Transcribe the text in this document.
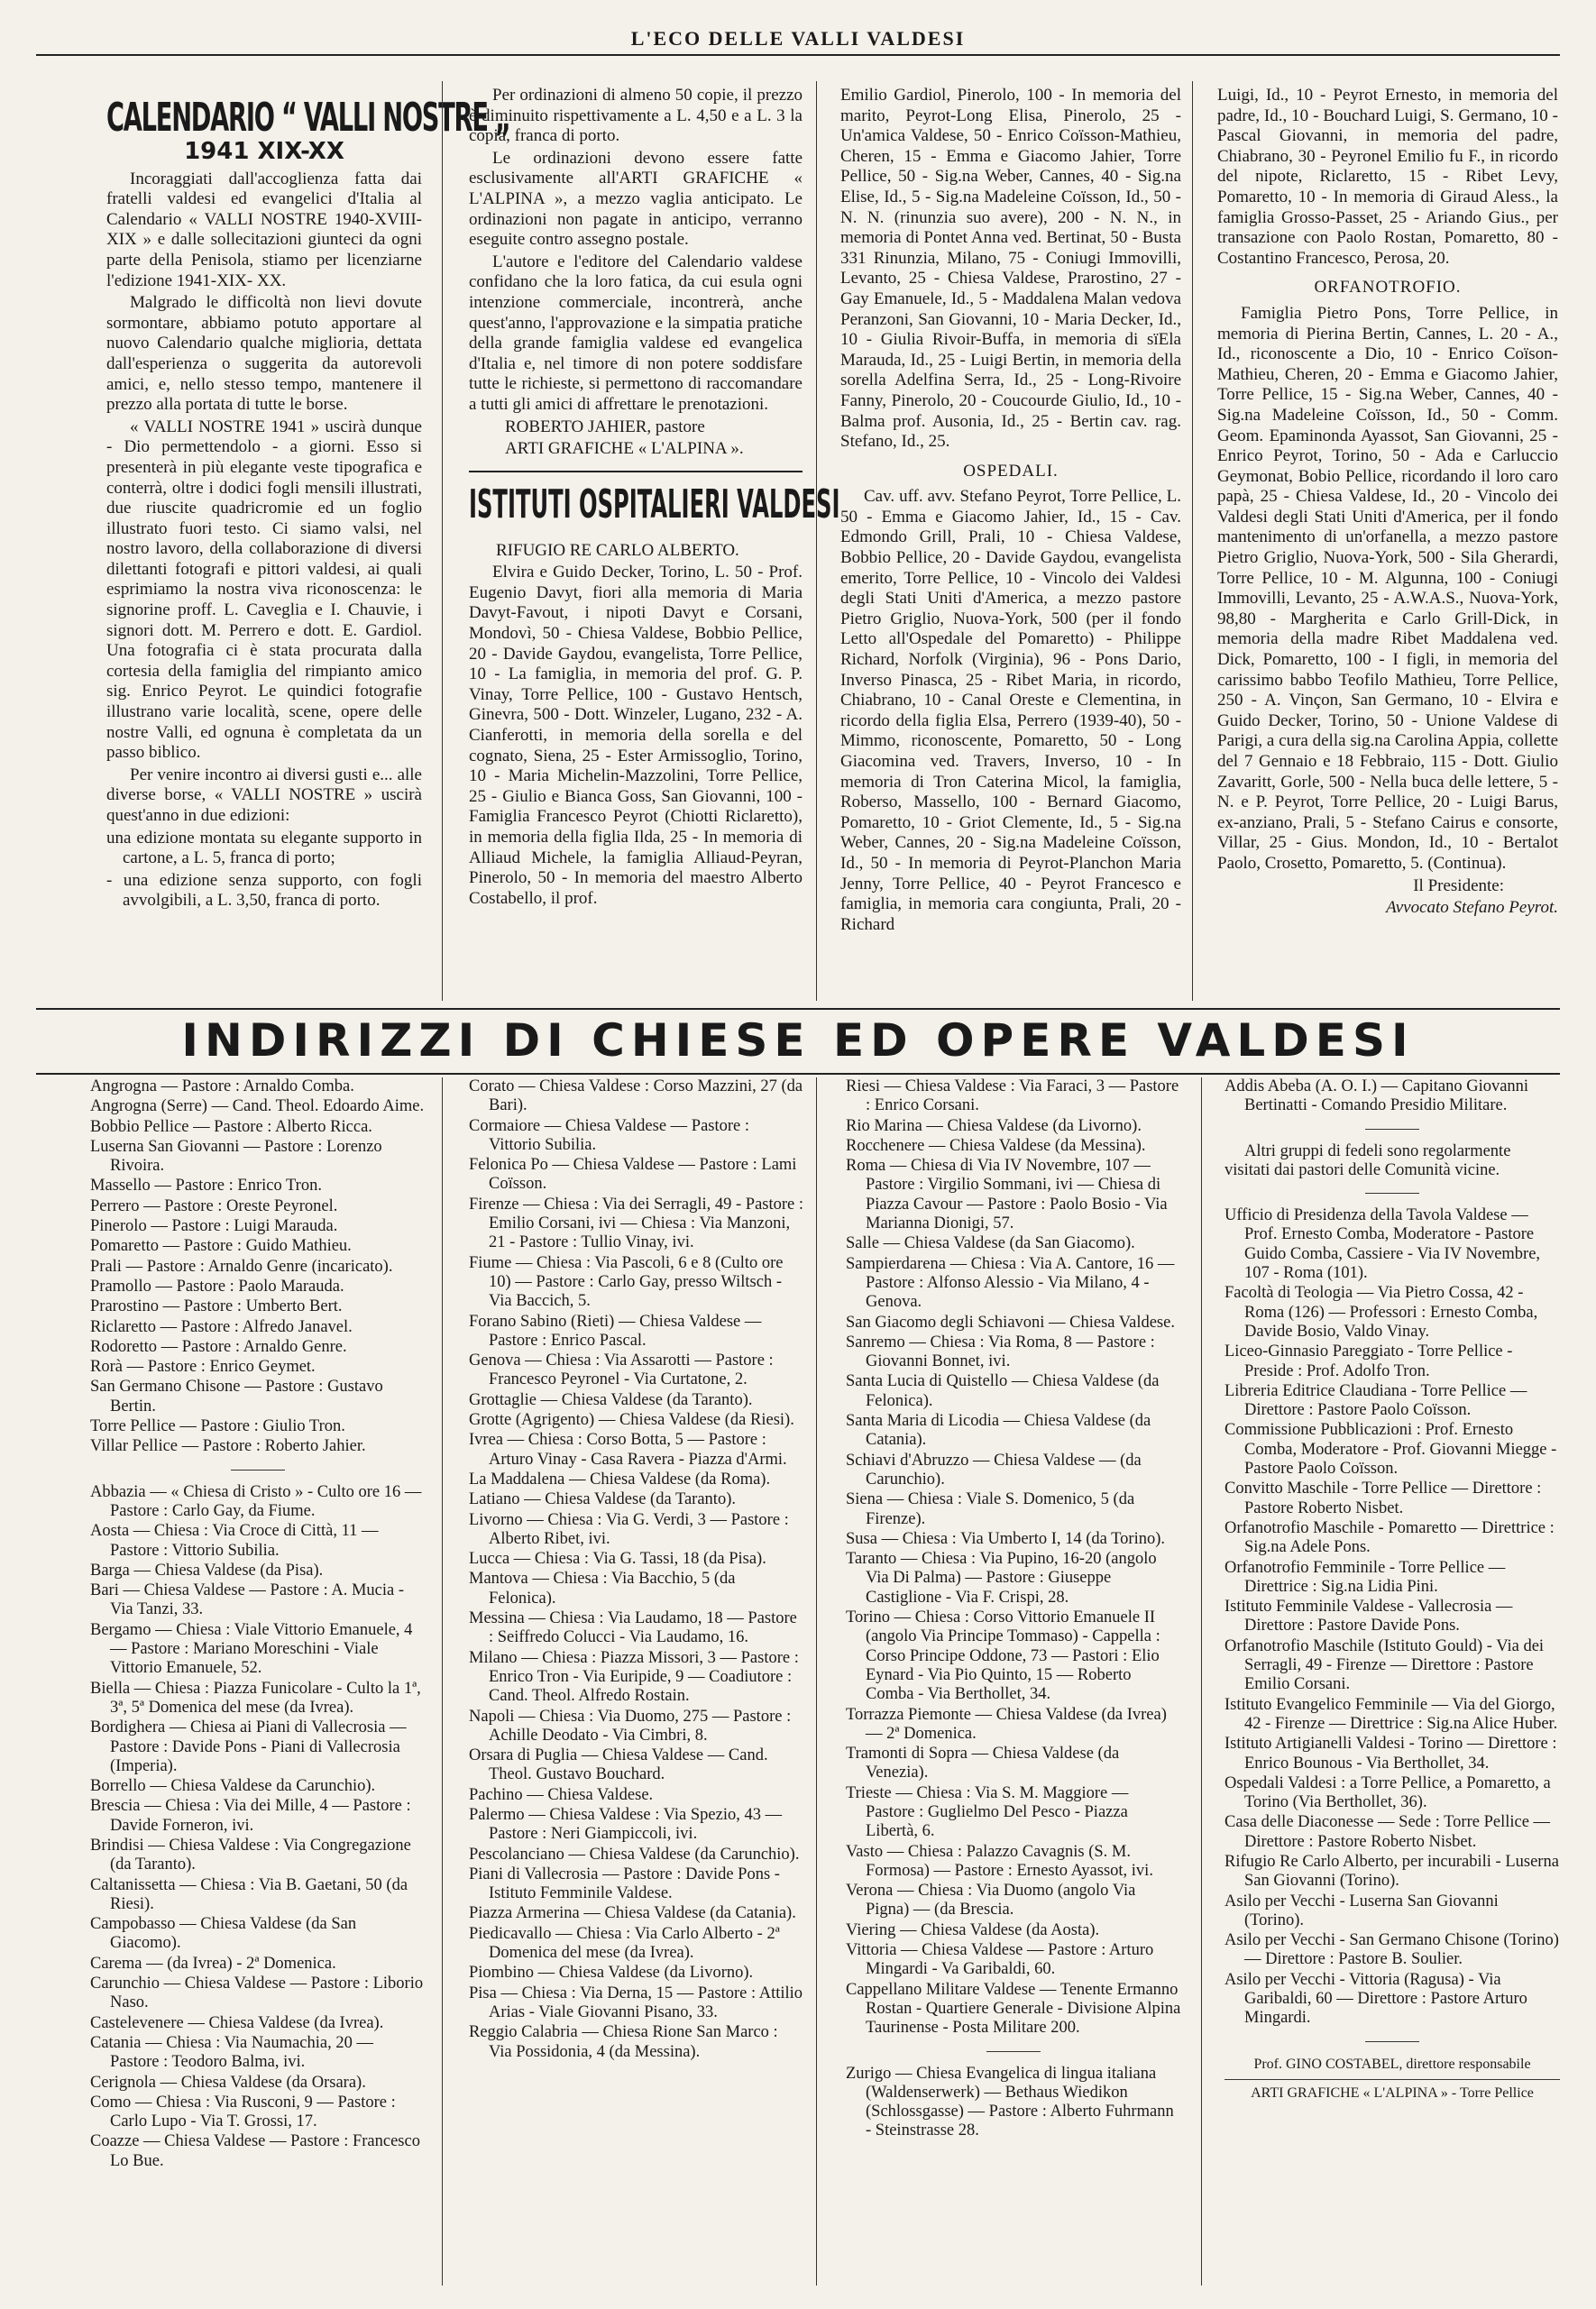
L'ECO DELLE VALLI VALDESI
CALENDARIO “ VALLI NOSTRE „
1941 XIX-XX

Incoraggiati dall'accoglienza fatta dai fratelli valdesi ed evangelici d'Italia al Calendario « VALLI NOSTRE 1940-XVIII-XIX » e dalle sollecitazioni giunteci da ogni parte della Penisola, stiamo per licenziarne l'edizione 1941-XIX- XX.

Malgrado le difficoltà non lievi dovute sormontare, abbiamo potuto apportare al nuovo Calendario qualche miglioria, dettata dall'esperienza o suggerita da autorevoli amici, e, nello stesso tempo, mantenere il prezzo alla portata di tutte le borse.

« VALLI NOSTRE 1941 » uscirà dunque - Dio permettendolo - a giorni. Esso si presenterà in più elegante veste tipografica e conterrà, oltre i dodici fogli mensili illustrati, due riuscite quadricromie ed un foglio illustrato fuori testo. Ci siamo valsi, nel nostro lavoro, della collaborazione di diversi dilettanti fotografi e pittori valdesi, ai quali esprimiamo la nostra viva riconoscenza: le signorine proff. L. Caveglia e I. Chauvie, i signori dott. M. Perrero e dott. E. Gardiol. Una fotografia ci è stata procurata dalla cortesia della famiglia del rimpianto amico sig. Enrico Peyrot. Le quindici fotografie illustrano varie località, scene, opere delle nostre Valli, ed ognuna è completata da un passo biblico.

Per venire incontro ai diversi gusti e... alle diverse borse, « VALLI NOSTRE » uscirà quest'anno in due edizioni:

una edizione montata su elegante supporto in cartone, a L. 5, franca di porto;

- una edizione senza supporto, con fogli avvolgibili, a L. 3,50, franca di porto.

Per ordinazioni di almeno 50 copie, il prezzo è diminuito rispettivamente a L. 4,50 e a L. 3 la copia, franca di porto.

Le ordinazioni devono essere fatte esclusivamente all'ARTI GRAFICHE « L'ALPINA », a mezzo vaglia anticipato. Le ordinazioni non pagate in anticipo, verranno eseguite contro assegno postale.

L'autore e l'editore del Calendario valdese confidano che la loro fatica, da cui esula ogni intenzione commerciale, incontrerà, anche quest'anno, l'approvazione e la simpatia pratiche della grande famiglia valdese ed evangelica d'Italia e, nel timore di non potere soddisfare tutte le richieste, si permettono di raccomandare a tutti gli amici di affrettare le prenotazioni.

ROBERTO JAHIER, pastore

ARTI GRAFICHE « L'ALPINA ».

ISTITUTI OSPITALIERI VALDESI

RIFUGIO RE CARLO ALBERTO.

Elvira e Guido Decker, Torino, L. 50 - Prof. Eugenio Davyt, fiori alla memoria di Maria Davyt-Favout, i nipoti Davyt e Corsani, Mondovì, 50 - Chiesa Valdese, Bobbio Pellice, 20 - Davide Gaydou, evangelista, Torre Pellice, 10 - La famiglia, in memoria del prof. G. P. Vinay, Torre Pellice, 100 - Gustavo Hentsch, Ginevra, 500 - Dott. Winzeler, Lugano, 232 - A. Cianferotti, in memoria della sorella e del cognato, Siena, 25 - Ester Armissoglio, Torino, 10 - Maria Michelin-Mazzolini, Torre Pellice, 25 - Giulio e Bianca Goss, San Giovanni, 100 - Famiglia Francesco Peyrot (Chiotti Riclaretto), in memoria della figlia Ilda, 25 - In memoria di Alliaud Michele, la famiglia Alliaud-Peyran, Pinerolo, 50 - In memoria del maestro Alberto Costabello, il prof.

Emilio Gardiol, Pinerolo, 100 - In memoria del marito, Peyrot-Long Elisa, Pinerolo, 25 - Un'amica Valdese, 50 - Enrico Coïsson-Mathieu, Cheren, 15 - Emma e Giacomo Jahier, Torre Pellice, 50 - Sig.na Weber, Cannes, 40 - Sig.na Elise, Id., 5 - Sig.na Madeleine Coïsson, Id., 50 - N. N. (rinunzia suo avere), 200 - N. N., in memoria di Pontet Anna ved. Bertinat, 50 - Busta 331 Rinunzia, Milano, 75 - Coniugi Immovilli, Levanto, 25 - Chiesa Valdese, Prarostino, 27 - Gay Emanuele, Id., 5 - Maddalena Malan vedova Peranzoni, San Giovanni, 10 - Maria Decker, Id., 10 - Giulia Rivoir-Buffa, in memoria di sïEla Marauda, Id., 25 - Luigi Bertin, in memoria della sorella Adelfina Serra, Id., 25 - Long-Rivoire Fanny, Pinerolo, 20 - Coucourde Giulio, Id., 10 - Balma prof. Ausonia, Id., 25 - Bertin cav. rag. Stefano, Id., 25.

OSPEDALI.

Cav. uff. avv. Stefano Peyrot, Torre Pellice, L. 50 - Emma e Giacomo Jahier, Id., 15 - Cav. Edmondo Grill, Prali, 10 - Chiesa Valdese, Bobbio Pellice, 20 - Davide Gaydou, evangelista emerito, Torre Pellice, 10 - Vincolo dei Valdesi degli Stati Uniti d'America, a mezzo pastore Pietro Griglio, Nuova-York, 500 (per il fondo Letto all'Ospedale del Pomaretto) - Philippe Richard, Norfolk (Virginia), 96 - Pons Dario, Inverso Pinasca, 25 - Ribet Maria, in ricordo, Chiabrano, 10 - Canal Oreste e Clementina, in ricordo della figlia Elsa, Perrero (1939-40), 50 - Mimmo, riconoscente, Pomaretto, 50 - Long Giacomina ved. Travers, Inverso, 10 - In memoria di Tron Caterina Micol, la famiglia, Roberso, Massello, 100 - Bernard Giacomo, Pomaretto, 10 - Griot Clemente, Id., 5 - Sig.na Weber, Cannes, 20 - Sig.na Madeleine Coïsson, Id., 50 - In memoria di Peyrot-Planchon Maria Jenny, Torre Pellice, 40 - Peyrot Francesco e famiglia, in memoria cara congiunta, Prali, 20 - Richard

Luigi, Id., 10 - Peyrot Ernesto, in memoria del padre, Id., 10 - Bouchard Luigi, S. Germano, 10 - Pascal Giovanni, in memoria del padre, Chiabrano, 30 - Peyronel Emilio fu F., in ricordo del nipote, Riclaretto, 15 - Ribet Levy, Pomaretto, 10 - In memoria di Giraud Aless., la famiglia Grosso-Passet, 25 - Ariando Gius., per transazione con Paolo Rostan, Pomaretto, 80 - Costantino Francesco, Perosa, 20.

ORFANOTROFIO.

Famiglia Pietro Pons, Torre Pellice, in memoria di Pierina Bertin, Cannes, L. 20 - A., Id., riconoscente a Dio, 10 - Enrico Coïson-Mathieu, Cheren, 20 - Emma e Giacomo Jahier, Torre Pellice, 15 - Sig.na Weber, Cannes, 40 - Sig.na Madeleine Coïsson, Id., 50 - Comm. Geom. Epaminonda Ayassot, San Giovanni, 25 - Enrico Peyrot, Torino, 50 - Ada e Carluccio Geymonat, Bobio Pellice, ricordando il loro caro papà, 25 - Chiesa Valdese, Id., 20 - Vincolo dei Valdesi degli Stati Uniti d'America, per il fondo mantenimento di un'orfanella, a mezzo pastore Pietro Griglio, Nuova-York, 500 - Sila Gherardi, Torre Pellice, 10 - M. Algunna, 100 - Coniugi Immovilli, Levanto, 25 - A.W.A.S., Nuova-York, 98,80 - Margherita e Carlo Grill-Dick, in memoria della madre Ribet Maddalena ved. Dick, Pomaretto, 100 - I figli, in memoria del carissimo babbo Teofilo Mathieu, Torre Pellice, 250 - A. Vinçon, San Germano, 10 - Elvira e Guido Decker, Torino, 50 - Unione Valdese di Parigi, a cura della sig.na Carolina Appia, collette del 7 Gennaio e 18 Febbraio, 115 - Dott. Giulio Zavaritt, Gorle, 500 - Nella buca delle lettere, 5 - N. e P. Peyrot, Torre Pellice, 20 - Luigi Barus, ex-anziano, Prali, 5 - Stefano Cairus e consorte, Villar, 25 - Gius. Mondon, Id., 10 - Bertalot Paolo, Crosetto, Pomaretto, 5. (Continua).

Il Presidente:

Avvocato Stefano Peyrot.

INDIRIZZI DI CHIESE ED OPERE VALDESI

Angrogna — Pastore : Arnaldo Comba.

Angrogna (Serre) — Cand. Theol. Edoardo Aime.

Bobbio Pellice — Pastore : Alberto Ricca.

Luserna San Giovanni — Pastore : Lorenzo Rivoira.

Massello — Pastore : Enrico Tron.

Perrero — Pastore : Oreste Peyronel.

Pinerolo — Pastore : Luigi Marauda.

Pomaretto — Pastore : Guido Mathieu.

Prali — Pastore : Arnaldo Genre (incaricato).

Pramollo — Pastore : Paolo Marauda.

Prarostino — Pastore : Umberto Bert.

Riclaretto — Pastore : Alfredo Janavel.

Rodoretto — Pastore : Arnaldo Genre.

Rorà — Pastore : Enrico Geymet.

San Germano Chisone — Pastore : Gustavo Bertin.

Torre Pellice — Pastore : Giulio Tron.

Villar Pellice — Pastore : Roberto Jahier.

Abbazia — « Chiesa di Cristo » - Culto ore 16 — Pastore : Carlo Gay, da Fiume.

Aosta — Chiesa : Via Croce di Città, 11 — Pastore : Vittorio Subilia.

Barga — Chiesa Valdese (da Pisa).

Bari — Chiesa Valdese — Pastore : A. Mucia - Via Tanzi, 33.

Bergamo — Chiesa : Viale Vittorio Emanuele, 4 — Pastore : Mariano Moreschini - Viale Vittorio Emanuele, 52.

Biella — Chiesa : Piazza Funicolare - Culto la 1ª, 3ª, 5ª Domenica del mese (da Ivrea).

Bordighera — Chiesa ai Piani di Vallecrosia — Pastore : Davide Pons - Piani di Vallecrosia (Imperia).

Borrello — Chiesa Valdese da Carunchio).

Brescia — Chiesa : Via dei Mille, 4 — Pastore : Davide Forneron, ivi.

Brindisi — Chiesa Valdese : Via Congregazione (da Taranto).

Caltanissetta — Chiesa : Via B. Gaetani, 50 (da Riesi).

Campobasso — Chiesa Valdese (da San Giacomo).

Carema — (da Ivrea) - 2ª Domenica.

Carunchio — Chiesa Valdese — Pastore : Liborio Naso.

Castelevenere — Chiesa Valdese (da Ivrea).

Catania — Chiesa : Via Naumachia, 20 — Pastore : Teodoro Balma, ivi.

Cerignola — Chiesa Valdese (da Orsara).

Como — Chiesa : Via Rusconi, 9 — Pastore : Carlo Lupo - Via T. Grossi, 17.

Coazze — Chiesa Valdese — Pastore : Francesco Lo Bue.

Corato — Chiesa Valdese : Corso Mazzini, 27 (da Bari).

Cormaiore — Chiesa Valdese — Pastore : Vittorio Subilia.

Felonica Po — Chiesa Valdese — Pastore : Lami Coïsson.

Firenze — Chiesa : Via dei Serragli, 49 - Pastore : Emilio Corsani, ivi — Chiesa : Via Manzoni, 21 - Pastore : Tullio Vinay, ivi.

Fiume — Chiesa : Via Pascoli, 6 e 8 (Culto ore 10) — Pastore : Carlo Gay, presso Wiltsch - Via Baccich, 5.

Forano Sabino (Rieti) — Chiesa Valdese — Pastore : Enrico Pascal.

Genova — Chiesa : Via Assarotti — Pastore : Francesco Peyronel - Via Curtatone, 2.

Grottaglie — Chiesa Valdese (da Taranto).

Grotte (Agrigento) — Chiesa Valdese (da Riesi).

Ivrea — Chiesa : Corso Botta, 5 — Pastore : Arturo Vinay - Casa Ravera - Piazza d'Armi.

La Maddalena — Chiesa Valdese (da Roma).

Latiano — Chiesa Valdese (da Taranto).

Livorno — Chiesa : Via G. Verdi, 3 — Pastore : Alberto Ribet, ivi.

Lucca — Chiesa : Via G. Tassi, 18 (da Pisa).

Mantova — Chiesa : Via Bacchio, 5 (da Felonica).

Messina — Chiesa : Via Laudamo, 18 — Pastore : Seiffredo Colucci - Via Laudamo, 16.

Milano — Chiesa : Piazza Missori, 3 — Pastore : Enrico Tron - Via Euripide, 9 — Coadiutore : Cand. Theol. Alfredo Rostain.

Napoli — Chiesa : Via Duomo, 275 — Pastore : Achille Deodato - Via Cimbri, 8.

Orsara di Puglia — Chiesa Valdese — Cand. Theol. Gustavo Bouchard.

Pachino — Chiesa Valdese.

Palermo — Chiesa Valdese : Via Spezio, 43 — Pastore : Neri Giampiccoli, ivi.

Pescolanciano — Chiesa Valdese (da Carunchio).

Piani di Vallecrosia — Pastore : Davide Pons - Istituto Femminile Valdese.

Piazza Armerina — Chiesa Valdese (da Catania).

Piedicavallo — Chiesa : Via Carlo Alberto - 2ª Domenica del mese (da Ivrea).

Piombino — Chiesa Valdese (da Livorno).

Pisa — Chiesa : Via Derna, 15 — Pastore : Attilio Arias - Viale Giovanni Pisano, 33.

Reggio Calabria — Chiesa Rione San Marco : Via Possidonia, 4 (da Messina).

Riesi — Chiesa Valdese : Via Faraci, 3 — Pastore : Enrico Corsani.

Rio Marina — Chiesa Valdese (da Livorno).

Rocchenere — Chiesa Valdese (da Messina).

Roma — Chiesa di Via IV Novembre, 107 — Pastore : Virgilio Sommani, ivi — Chiesa di Piazza Cavour — Pastore : Paolo Bosio - Via Marianna Dionigi, 57.

Salle — Chiesa Valdese (da San Giacomo).

Sampierdarena — Chiesa : Via A. Cantore, 16 — Pastore : Alfonso Alessio - Via Milano, 4 - Genova.

San Giacomo degli Schiavoni — Chiesa Valdese.

Sanremo — Chiesa : Via Roma, 8 — Pastore : Giovanni Bonnet, ivi.

Santa Lucia di Quistello — Chiesa Valdese (da Felonica).

Santa Maria di Licodia — Chiesa Valdese (da Catania).

Schiavi d'Abruzzo — Chiesa Valdese — (da Carunchio).

Siena — Chiesa : Viale S. Domenico, 5 (da Firenze).

Susa — Chiesa : Via Umberto I, 14 (da Torino).

Taranto — Chiesa : Via Pupino, 16-20 (angolo Via Di Palma) — Pastore : Giuseppe Castiglione - Via F. Crispi, 28.

Torino — Chiesa : Corso Vittorio Emanuele II (angolo Via Principe Tommaso) - Cappella : Corso Principe Oddone, 73 — Pastori : Elio Eynard - Via Pio Quinto, 15 — Roberto Comba - Via Berthollet, 34.

Torrazza Piemonte — Chiesa Valdese (da Ivrea) — 2ª Domenica.

Tramonti di Sopra — Chiesa Valdese (da Venezia).

Trieste — Chiesa : Via S. M. Maggiore — Pastore : Guglielmo Del Pesco - Piazza Libertà, 6.

Vasto — Chiesa : Palazzo Cavagnis (S. M. Formosa) — Pastore : Ernesto Ayassot, ivi.

Verona — Chiesa : Via Duomo (angolo Via Pigna) — (da Brescia.

Viering — Chiesa Valdese (da Aosta).

Vittoria — Chiesa Valdese — Pastore : Arturo Mingardi - Va Garibaldi, 60.

Cappellano Militare Valdese — Tenente Ermanno Rostan - Quartiere Generale - Divisione Alpina Taurinense - Posta Militare 200.

Zurigo — Chiesa Evangelica di lingua italiana (Waldenserwerk) — Bethaus Wiedikon (Schlossgasse) — Pastore : Alberto Fuhrmann - Steinstrasse 28.

Addis Abeba (A. O. I.) — Capitano Giovanni Bertinatti - Comando Presidio Militare.

Altri gruppi di fedeli sono regolarmente visitati dai pastori delle Comunità vicine.

Ufficio di Presidenza della Tavola Valdese — Prof. Ernesto Comba, Moderatore - Pastore Guido Comba, Cassiere - Via IV Novembre, 107 - Roma (101).

Facoltà di Teologia — Via Pietro Cossa, 42 - Roma (126) — Professori : Ernesto Comba, Davide Bosio, Valdo Vinay.

Liceo-Ginnasio Pareggiato - Torre Pellice - Preside : Prof. Adolfo Tron.

Libreria Editrice Claudiana - Torre Pellice — Direttore : Pastore Paolo Coïsson.

Commissione Pubblicazioni : Prof. Ernesto Comba, Moderatore - Prof. Giovanni Miegge - Pastore Paolo Coïsson.

Convitto Maschile - Torre Pellice — Direttore : Pastore Roberto Nisbet.

Orfanotrofio Maschile - Pomaretto — Direttrice : Sig.na Adele Pons.

Orfanotrofio Femminile - Torre Pellice — Direttrice : Sig.na Lidia Pini.

Istituto Femminile Valdese - Vallecrosia — Direttore : Pastore Davide Pons.

Orfanotrofio Maschile (Istituto Gould) - Via dei Serragli, 49 - Firenze — Direttore : Pastore Emilio Corsani.

Istituto Evangelico Femminile — Via del Giorgo, 42 - Firenze — Direttrice : Sig.na Alice Huber.

Istituto Artigianelli Valdesi - Torino — Direttore : Enrico Bounous - Via Berthollet, 34.

Ospedali Valdesi : a Torre Pellice, a Pomaretto, a Torino (Via Berthollet, 36).

Casa delle Diaconesse — Sede : Torre Pellice — Direttore : Pastore Roberto Nisbet.

Rifugio Re Carlo Alberto, per incurabili - Luserna San Giovanni (Torino).

Asilo per Vecchi - Luserna San Giovanni (Torino).

Asilo per Vecchi - San Germano Chisone (Torino) — Direttore : Pastore B. Soulier.

Asilo per Vecchi - Vittoria (Ragusa) - Via Garibaldi, 60 — Direttore : Pastore Arturo Mingardi.

Prof. GINO COSTABEL, direttore responsabile

ARTI GRAFICHE « L'ALPINA » - Torre Pellice
